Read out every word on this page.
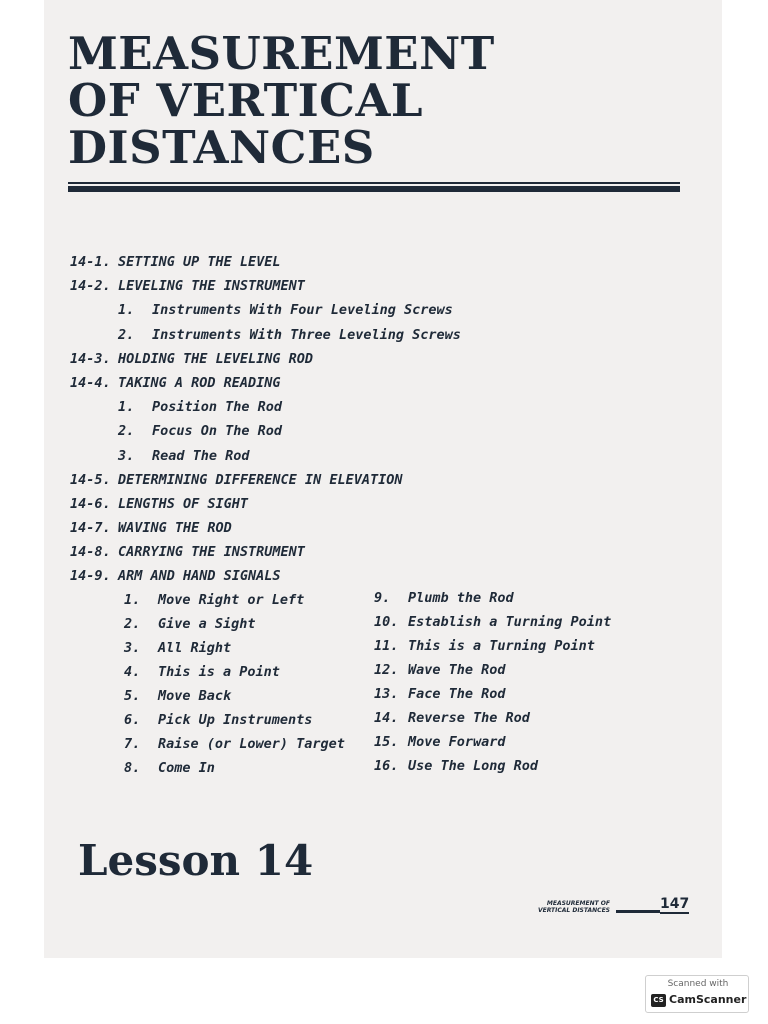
MEASUREMENT
OF VERTICAL
DISTANCES
14-1. SETTING UP THE LEVEL
14-2. LEVELING THE INSTRUMENT
1. Instruments With Four Leveling Screws
2. Instruments With Three Leveling Screws
14-3. HOLDING THE LEVELING ROD
14-4. TAKING A ROD READING
1. Position The Rod
2. Focus On The Rod
3. Read The Rod
14-5. DETERMINING DIFFERENCE IN ELEVATION
14-6. LENGTHS OF SIGHT
14-7. WAVING THE ROD
14-8. CARRYING THE INSTRUMENT
14-9. ARM AND HAND SIGNALS
1. Move Right or Left
2. Give a Sight
3. All Right
4. This is a Point
5. Move Back
6. Pick Up Instruments
7. Raise (or Lower) Target
8. Come In
9. Plumb the Rod
10. Establish a Turning Point
11. This is a Turning Point
12. Wave The Rod
13. Face The Rod
14. Reverse The Rod
15. Move Forward
16. Use The Long Rod
Lesson 14
MEASUREMENT OF
VERTICAL DISTANCES	147
Scanned with
CS CamScanner
